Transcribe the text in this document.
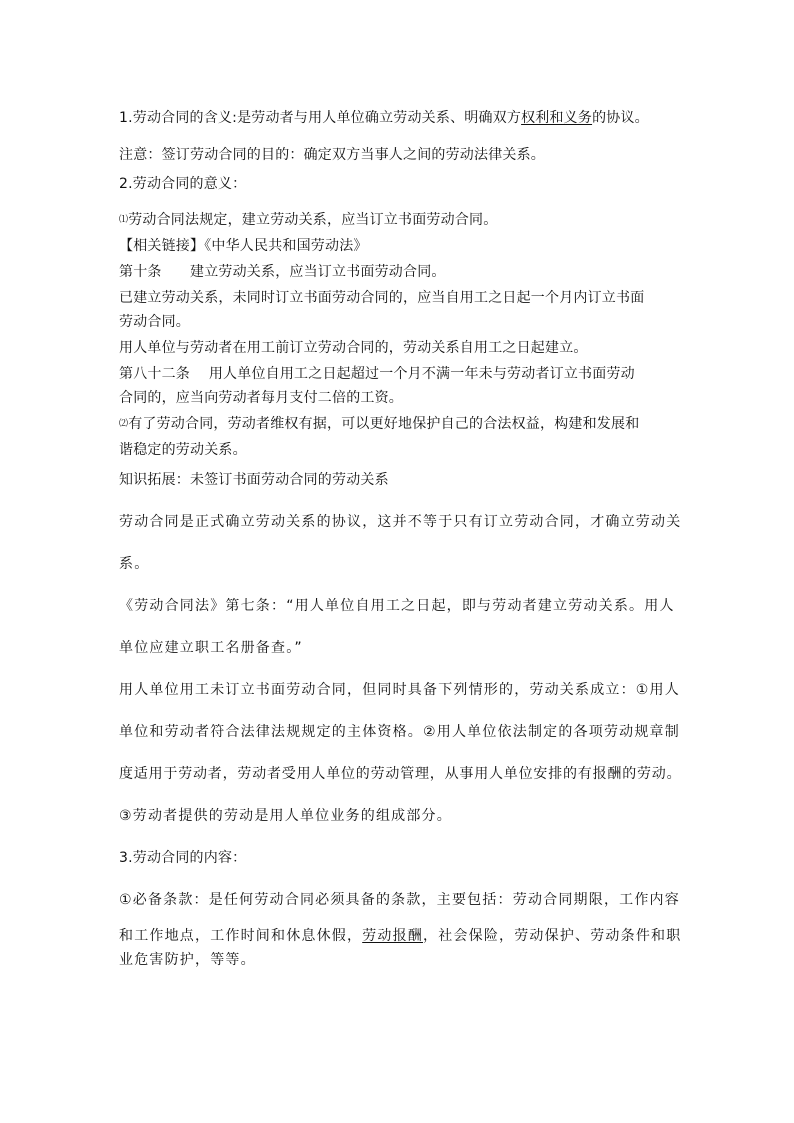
1.劳动合同的含义:是劳动者与用人单位确立劳动关系、明确双方权利和义务的协议。
注意：签订劳动合同的目的：确定双方当事人之间的劳动法律关系。
2.劳动合同的意义：
⑴劳动合同法规定，建立劳动关系，应当订立书面劳动合同。
【相关链接】《中华人民共和国劳动法》
第十条　　建立劳动关系，应当订立书面劳动合同。
已建立劳动关系，未同时订立书面劳动合同的，应当自用工之日起一个月内订立书面
劳动合同。
用人单位与劳动者在用工前订立劳动合同的，劳动关系自用工之日起建立。
第八十二条　 用人单位自用工之日起超过一个月不满一年未与劳动者订立书面劳动
合同的，应当向劳动者每月支付二倍的工资。
⑵有了劳动合同，劳动者维权有据，可以更好地保护自己的合法权益，构建和发展和
谐稳定的劳动关系。
知识拓展：未签订书面劳动合同的劳动关系
劳动合同是正式确立劳动关系的协议，这并不等于只有订立劳动合同，才确立劳动关
系。
《劳动合同法》第七条：“用人单位自用工之日起，即与劳动者建立劳动关系。用人
单位应建立职工名册备查。”
用人单位用工未订立书面劳动合同，但同时具备下列情形的，劳动关系成立：①用人
单位和劳动者符合法律法规规定的主体资格。②用人单位依法制定的各项劳动规章制
度适用于劳动者，劳动者受用人单位的劳动管理，从事用人单位安排的有报酬的劳动。
③劳动者提供的劳动是用人单位业务的组成部分。
3.劳动合同的内容：
①必备条款：是任何劳动合同必须具备的条款，主要包括：劳动合同期限，工作内容
和工作地点，工作时间和休息休假，劳动报酬，社会保险，劳动保护、劳动条件和职
业危害防护，等等。
